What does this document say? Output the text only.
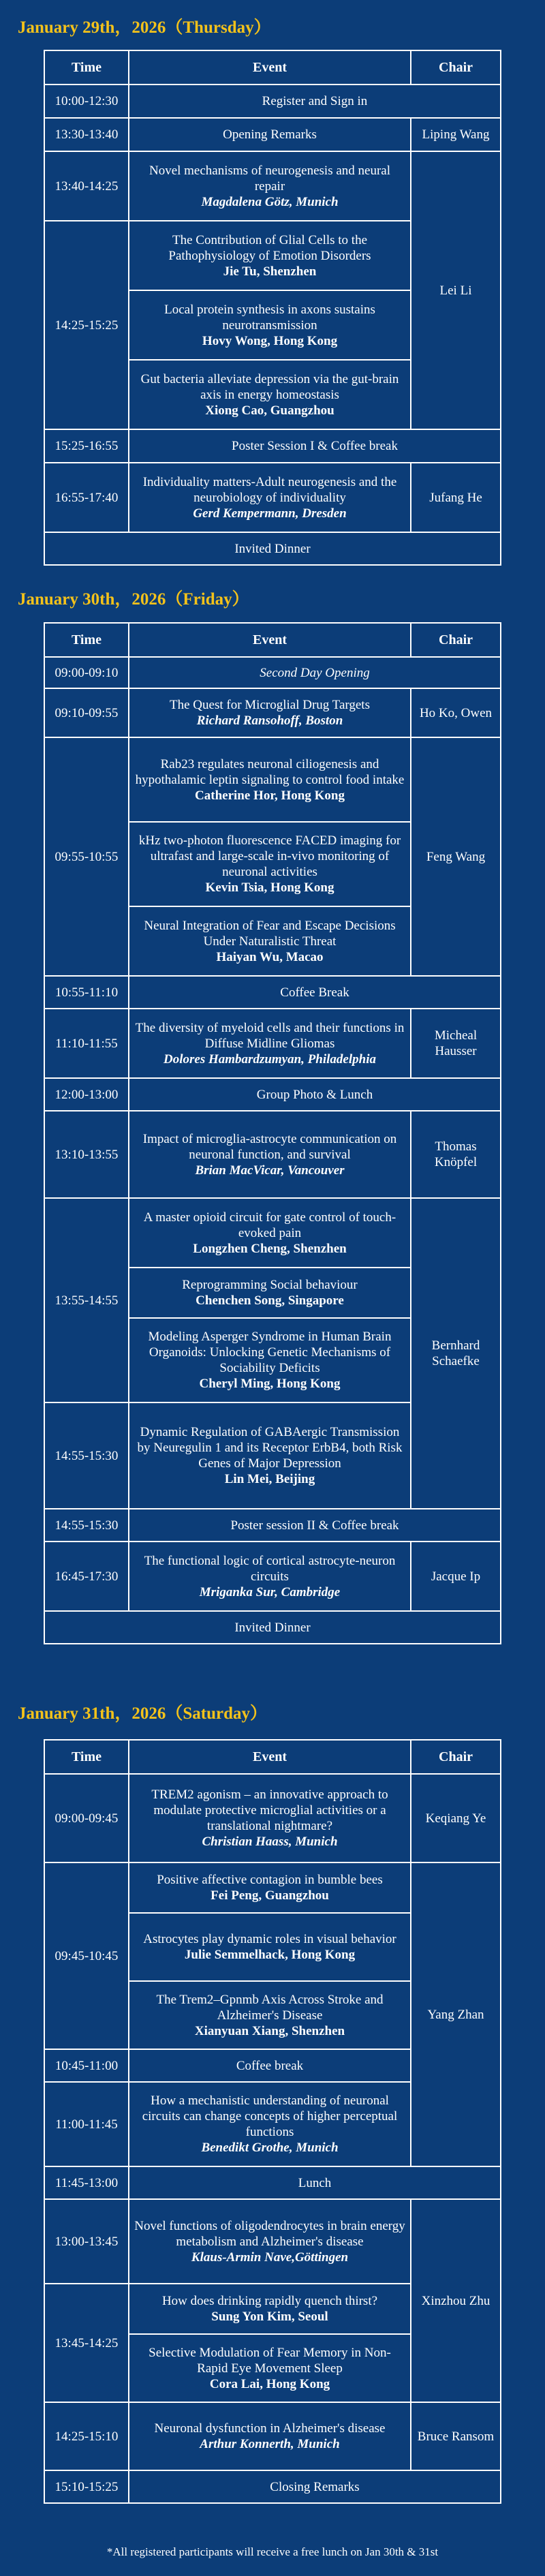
January 29th，2026（Thursday）
Time	Event	Chair
10:00-12:30	Register and Sign in	
13:30-13:40	Opening Remarks	Liping Wang
13:40-14:25	Novel mechanisms of neurogenesis and neural repair
Magdalena Götz, Munich	Lei Li
14:25-15:25	The Contribution of Glial Cells to the Pathophysiology of Emotion Disorders
Jie Tu, Shenzhen	

	Local protein synthesis in axons sustains neurotransmission
Hovy Wong, Hong Kong	

	Gut bacteria alleviate depression via the gut-brain axis in energy homeostasis
Xiong Cao, Guangzhou	

15:25-16:55	Poster Session I & Coffee break	
16:55-17:40	Individuality matters-Adult neurogenesis and the neurobiology of individuality
Gerd Kempermann, Dresden	Jufang He
Invited Dinner		
January 30th，2026（Friday）
Time	Event	Chair
09:00-09:10	Second Day Opening	
09:10-09:55	The Quest for Microglial Drug Targets
Richard Ransohoff, Boston	Ho Ko, Owen
09:55-10:55	Rab23 regulates neuronal ciliogenesis and hypothalamic leptin signaling to control food intake
Catherine Hor, Hong Kong	Feng Wang

	kHz two-photon fluorescence FACED imaging for ultrafast and large-scale in-vivo monitoring of neuronal activities
Kevin Tsia, Hong Kong	

	Neural Integration of Fear and Escape Decisions Under Naturalistic Threat
Haiyan Wu, Macao	

10:55-11:10	Coffee Break	
11:10-11:55	The diversity of myeloid cells and their functions in Diffuse Midline Gliomas
Dolores Hambardzumyan, Philadelphia	Micheal Hausser
12:00-13:00	Group Photo & Lunch	
13:10-13:55	Impact of microglia-astrocyte communication on neuronal function, and survival
Brian MacVicar, Vancouver	Thomas Knöpfel
13:55-14:55	A master opioid circuit for gate control of touch-evoked pain
Longzhen Cheng, Shenzhen	Bernhard Schaefke

	Reprogramming Social behaviour
Chenchen Song, Singapore	

	Modeling Asperger Syndrome in Human Brain Organoids: Unlocking Genetic Mechanisms of Sociability Deficits
Cheryl Ming, Hong Kong	

14:55-15:30	Dynamic Regulation of GABAergic Transmission by Neuregulin 1 and its Receptor ErbB4, both Risk Genes of Major Depression
Lin Mei, Beijing	

14:55-15:30	Poster session II & Coffee break	
16:45-17:30	The functional logic of cortical astrocyte-neuron circuits
Mriganka Sur, Cambridge	Jacque Ip
Invited Dinner		
January 31th，2026（Saturday）
Time	Event	Chair
09:00-09:45	TREM2 agonism – an innovative approach to modulate protective microglial activities or a translational nightmare?
Christian Haass, Munich	Keqiang Ye
09:45-10:45	Positive affective contagion in bumble bees
Fei Peng, Guangzhou	Yang Zhan

	Astrocytes play dynamic roles in visual behavior
Julie Semmelhack, Hong Kong	

	The Trem2–Gpnmb Axis Across Stroke and Alzheimer's Disease
Xianyuan Xiang, Shenzhen	

10:45-11:00	Coffee break	
11:00-11:45	How a mechanistic understanding of neuronal circuits can change concepts of higher perceptual functions
Benedikt Grothe, Munich	

11:45-13:00	Lunch	
13:00-13:45	Novel functions of oligodendrocytes in brain energy metabolism and Alzheimer's disease
Klaus-Armin Nave,Göttingen	Xinzhou Zhu
13:45-14:25	How does drinking rapidly quench thirst?
Sung Yon Kim, Seoul	

	Selective Modulation of Fear Memory in Non-Rapid Eye Movement Sleep
Cora Lai, Hong Kong	

14:25-15:10	Neuronal dysfunction in Alzheimer's disease
Arthur Konnerth, Munich	Bruce Ransom
15:10-15:25	Closing Remarks	
*All registered participants will receive a free lunch on Jan 30th & 31st
